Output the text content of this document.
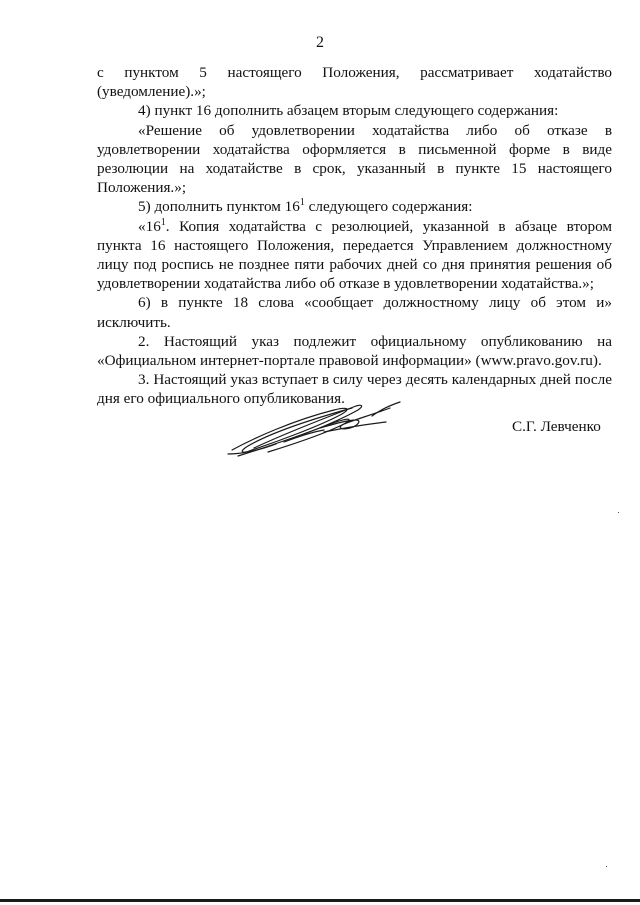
2

с пунктом 5 настоящего Положения, рассматривает ходатайство (уведомление).»;

4) пункт 16 дополнить абзацем вторым следующего содержания:

«Решение об удовлетворении ходатайства либо об отказе в удовлетворении ходатайства оформляется в письменной форме в виде резолюции на ходатайстве в срок, указанный в пункте 15 настоящего Положения.»;

5) дополнить пунктом $16^1$ следующего содержания:

«$16^1$. Копия ходатайства с резолюцией, указанной в абзаце втором пункта 16 настоящего Положения, передается Управлением должностному лицу под роспись не позднее пяти рабочих дней со дня принятия решения об удовлетворении ходатайства либо об отказе в удовлетворении ходатайства.»;

6) в пункте 18 слова «сообщает должностному лицу об этом и» исключить.

2. Настоящий указ подлежит официальному опубликованию на «Официальном интернет-портале правовой информации» (www.pravo.gov.ru).

3. Настоящий указ вступает в силу через десять календарных дней после дня его официального опубликования.

С.Г. Левченко
